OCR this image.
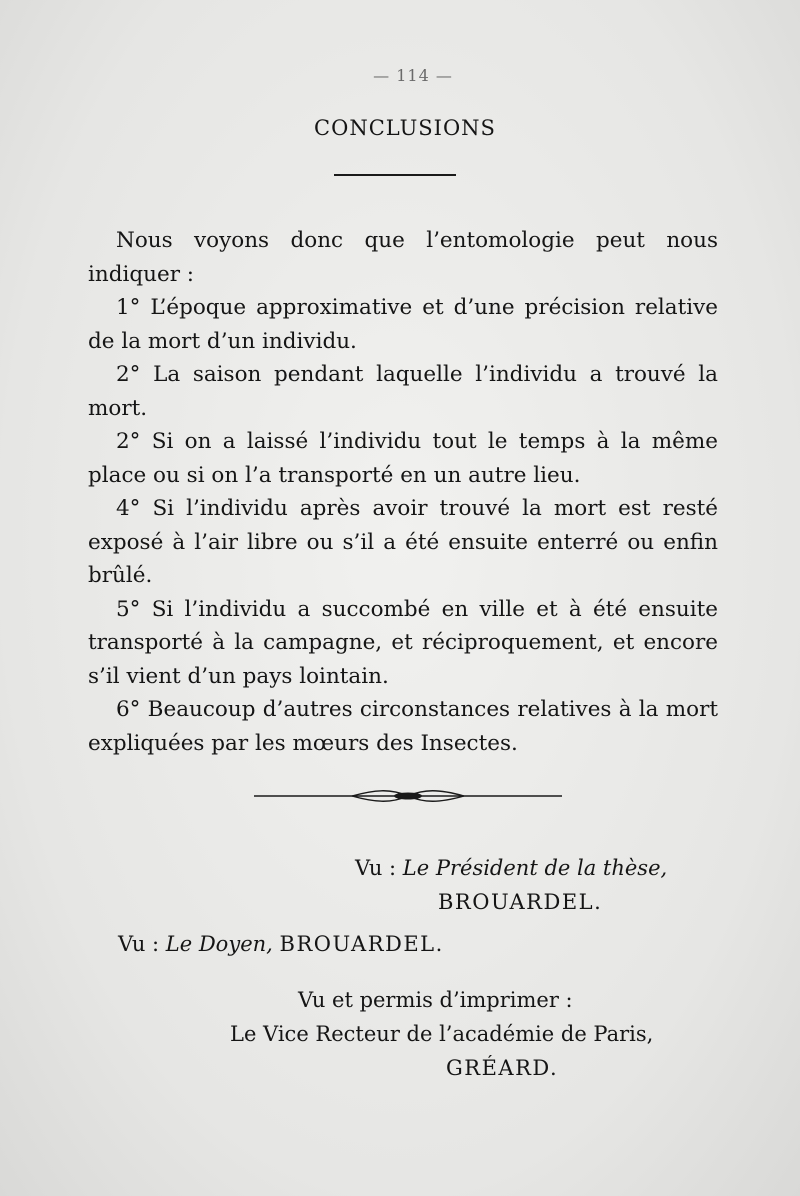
— 114 —
CONCLUSIONS

Nous voyons donc que l’entomologie peut nous indiquer :

1° L’époque approximative et d’une précision relative de la mort d’un individu.

2° La saison pendant laquelle l’individu a trouvé la mort.

2° Si on a laissé l’individu tout le temps à la même place ou si on l’a transporté en un autre lieu.

4° Si l’individu après avoir trouvé la mort est resté exposé à l’air libre ou s’il a été ensuite enterré ou enfin brûlé.

5° Si l’individu a succombé en ville et à été ensuite transporté à la campagne, et réciproquement, et encore s’il vient d’un pays lointain.

6° Beaucoup d’autres circonstances relatives à la mort expliquées par les mœurs des Insectes.

Vu : Le Président de la thèse,
BROUARDEL.
Vu : Le Doyen, BROUARDEL.
Vu et permis d’imprimer :
Le Vice Recteur de l’académie de Paris,
GRÉARD.
